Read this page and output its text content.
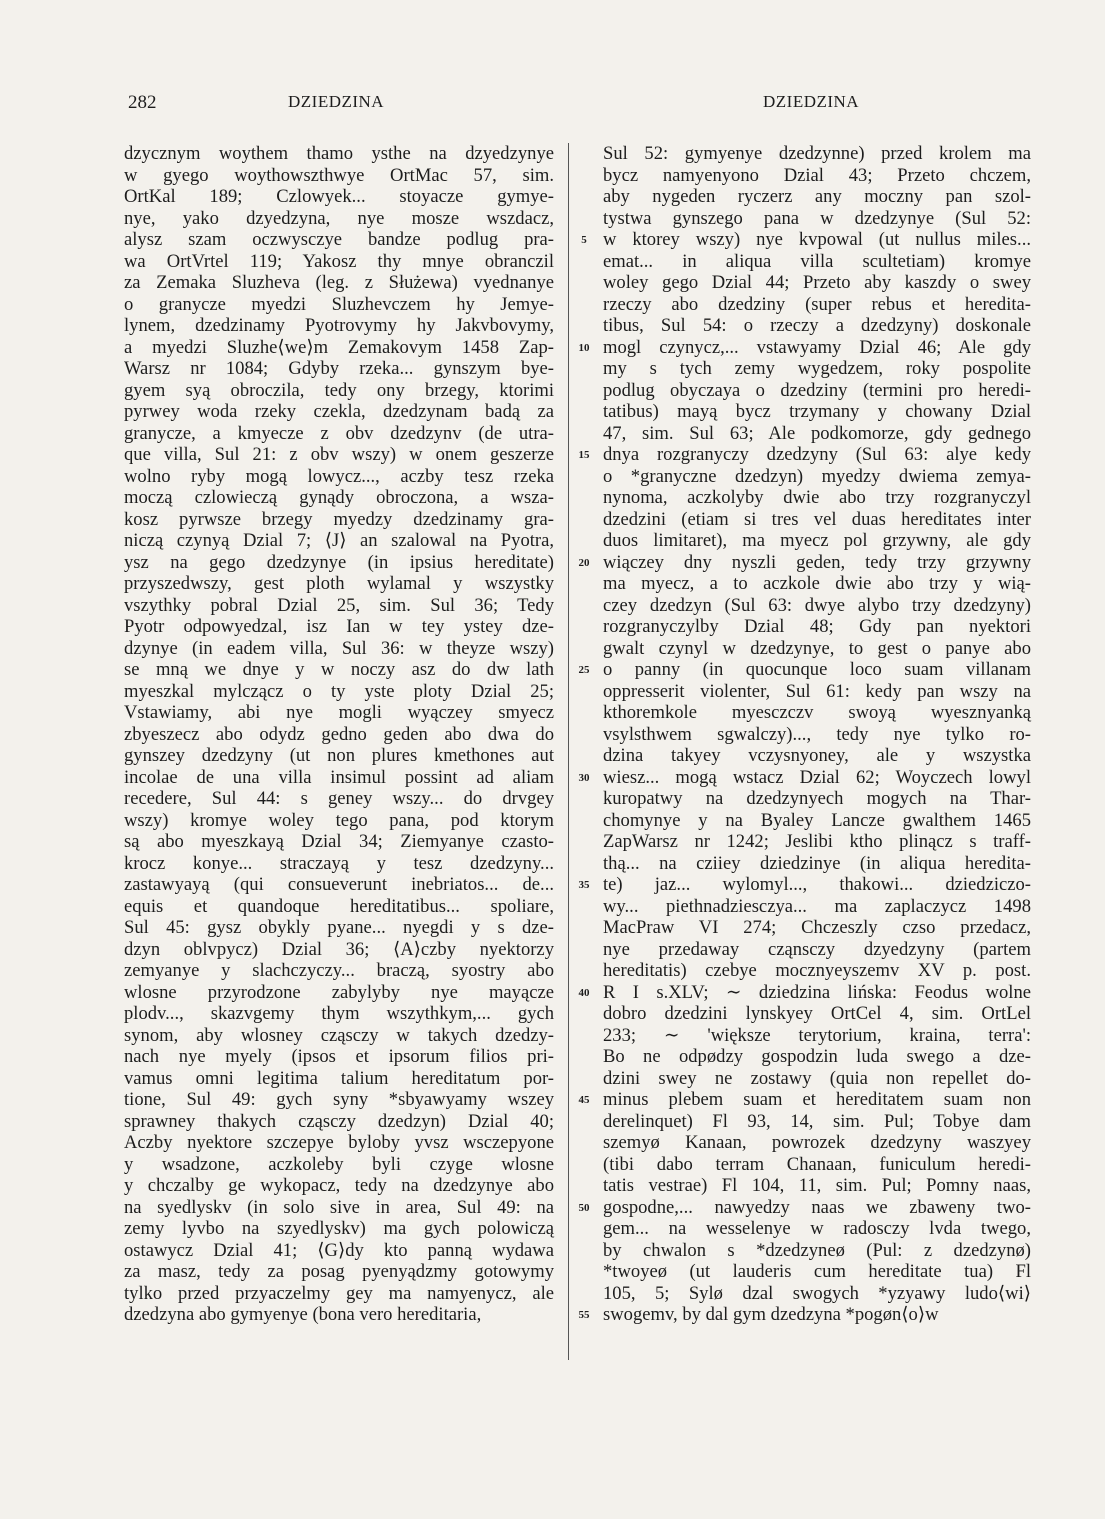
282	DZIEDZINA	DZIEDZINA
dzycznym woythem thamo ysthe na dzyedzynye
w gyego woythowszthwye OrtMac 57, sim.
OrtKal 189; Czlowyek... stoyacze gymye-
nye, yako dzyedzyna, nye mosze wszdacz,
alysz szam oczwysczye bandze podlug pra-
wa OrtVrtel 119; Yakosz thy mnye obranczil
za Zemaka Sluzheva (leg. z Służewa) vyednanye
o granycze myedzi Sluzhevczem hy Jemye-
lynem, dzedzinamy Pyotrovymy hy Jakvbovymy,
a myedzi Sluzhe⟨we⟩m Zemakovym 1458 Zap-
Warsz nr 1084; Gdyby rzeka... gynszym bye-
gyem syą obroczila, tedy ony brzegy, ktorimi
pyrwey woda rzeky czekla, dzedzynam badą za
granycze, a kmyecze z obv dzedzynv (de utra-
que villa, Sul 21: z obv wszy) w onem geszerze
wolno ryby mogą lowycz..., aczby tesz rzeka
moczą czlowieczą gynądy obroczona, a wsza-
kosz pyrwsze brzegy myedzy dzedzinamy gra-
niczą czynyą Dzial 7; ⟨J⟩ an szalowal na Pyotra,
ysz na gego dzedzynye (in ipsius hereditate)
przyszedwszy, gest ploth wylamal y wszystky
vszythky pobral Dzial 25, sim. Sul 36; Tedy
Pyotr odpowyedzal, isz Ian w tey ystey dze-
dzynye (in eadem villa, Sul 36: w theyze wszy)
se mną we dnye y w noczy asz do dw lath
myeszkal mylcząсz o ty yste ploty Dzial 25;
Vstawiamy, abi nye mogli wyączey smyecz
zbyeszecz abo odydz gedno geden abo dwa do
gynszey dzedzyny (ut non plures kmethones aut
incolae de una villa insimul possint ad aliam
recedere, Sul 44: s geney wszy... do drvgey
wszy) kromye woley tego pana, pod ktorym
są abo myeszkayą Dzial 34; Ziemyanye czasto-
krocz konye... straczayą y tesz dzedzyny...
zastawyayą (qui consueverunt inebriatos... de...
equis et quandoque hereditatibus... spoliare,
Sul 45: gysz obykly pyane... nyegdi y s dze-
dzyn oblvpycz) Dzial 36; ⟨A⟩czby nyektorzy
zemyanye y slachczyczy... braczą, syostry abo
wlosne przyrodzone zabylyby nye mayącze
plodv..., skazvgemy thym wszythkym,... gych
synom, aby wlosney cząsczy w takych dzedzy-
nach nye myely (ipsos et ipsorum filios pri-
vamus omni legitima talium hereditatum por-
tione, Sul 49: gych syny *sbyawyamy wszey
sprawney thakych cząsczy dzedzyn) Dzial 40;
Aczby nyektore szczepye byloby yvsz wsczepyone
y wsadzone, aczkoleby byli czyge wlosne
y chczalby ge wykopacz, tedy na dzedzynye abo
na syedlyskv (in solo sive in area, Sul 49: na
zemy lyvbo na szyedlyskv) ma gych polowiczą
ostawycz Dzial 41; ⟨G⟩dy kto panną wydawa
za masz, tedy za posag pyenyądzmy gotowymy
tylko przed przyaczelmy gey ma namyenycz, ale
dzedzyna abo gymyenye (bona vero hereditaria,
5
10
15
20
25
30
35
40
45
50
55
Sul 52: gymyenye dzedzynne) przed krolem ma
bycz namyenyono Dzial 43; Przeto chczem,
aby nygeden ryczerz any moczny pan szol-
tystwa gynszego pana w dzedzynye (Sul 52:
w ktorey wszy) nye kvpowal (ut nullus miles...
emat... in aliqua villa scultetiam) kromye
woley gego Dzial 44; Przeto aby kaszdy o swey
rzeczy abo dzedziny (super rebus et heredita-
tibus, Sul 54: o rzeczy a dzedzyny) doskonale
mogl czynycz,... vstawyamy Dzial 46; Ale gdy
my s tych zemy wygedzem, roky pospolite
podlug obyczaya o dzedziny (termini pro heredi-
tatibus) mayą bycz trzymany y chowany Dzial
47, sim. Sul 63; Ale podkomorze, gdy gednego
dnya rozgranyczy dzedzyny (Sul 63: alye kedy
o *granyczne dzedzyn) myedzy dwiema zemya-
nynoma, aczkolyby dwie abo trzy rozgranyczyl
dzedzini (etiam si tres vel duas hereditates inter
duos limitaret), ma myecz pol grzywny, ale gdy
wiączey dny nyszli geden, tedy trzy grzywny
ma myecz, a to aczkole dwie abo trzy y wią-
czey dzedzyn (Sul 63: dwye alybo trzy dzedzyny)
rozgranyczylby Dzial 48; Gdy pan nyektori
gwalt czynyl w dzedzynye, to gest o panye abo
o panny (in quocunque loco suam villanam
oppresserit violenter, Sul 61: kedy pan wszy na
kthoremkole myesczczv swoyą wyesznyanką
vsylsthwem sgwalczy)..., tedy nye tylko ro-
dzina takyey vczysnyoney, ale y wszystka
wiesz... mogą wstacz Dzial 62; Woyczech lowyl
kuropatwy na dzedzynyech mogych na Thar-
chomynye y na Byaley Lancze gwalthem 1465
ZapWarsz nr 1242; Jeslibi ktho plinącz s traff-
thą... na cziiey dziedzinye (in aliqua heredita-
te) jaz... wylomyl..., thakowi... dziedziczo-
wy... piethnadziesczya... ma zaplaczycz 1498
MacPraw VI 274; Chczeszly czso przedacz,
nye przedaway cząnsczy dzyedzyny (partem
hereditatis) czebye mocznyeyszemv XV p. post.
R I s.XLV; ∼ dziedzina lińska: Feodus wolne
dobro dzedzini lynskyey OrtCel 4, sim. OrtLel
233; ∼ 'większe terytorium, kraina, terra':
Bo ne odpødzy gospodzin luda swego a dze-
dzini swey ne zostawy (quia non repellet do-
minus plebem suam et hereditatem suam non
derelinquet) Fl 93, 14, sim. Pul; Tobye dam
szemyø Kanaan, powrozek dzedzyny waszyey
(tibi dabo terram Chanaan, funiculum heredi-
tatis vestrae) Fl 104, 11, sim. Pul; Pomny naas,
gospodne,... nawyedzy naas we zbaweny two-
gem... na wesselenye w radosczy lvda twego,
by chwalon s *dzedzyneø (Pul: z dzedzynø)
*twoyeø (ut lauderis cum hereditate tua) Fl
105, 5; Sylø dzal swogych *yzyawy ludo⟨wi⟩
swogemv, by dal gym dzedzyna *pogøn⟨o⟩w
